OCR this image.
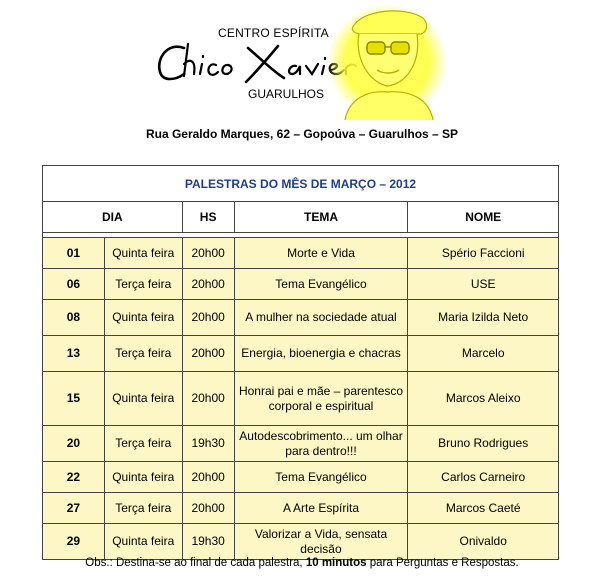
CENTRO ESPÍRITA
GUARULHOS
Rua Geraldo Marques, 62 – Gopoúva – Guarulhos – SP
PALESTRAS DO MÊS DE MARÇO – 2012				
DIA		HS	TEMA	NOME

01	Quinta feira	20h00	Morte e Vida	Spério Faccioni
06	Terça feira	20h00	Tema Evangélico	USE
08	Quinta feira	20h00	A mulher na sociedade atual	Maria Izilda Neto
13	Terça feira	20h00	Energia, bioenergia e chacras	Marcelo
15	Quinta feira	20h00	Honrai pai e mãe – parentesco corporal e espiritual	Marcos Aleixo
20	Terça feira	19h30	Autodescobrimento... um olhar para dentro!!!	Bruno Rodrigues
22	Quinta feira	20h00	Tema Evangélico	Carlos Carneiro
27	Terça feira	20h00	A Arte Espírita	Marcos Caeté
29	Quinta feira	19h30	Valorizar a Vida, sensata decisão	Onivaldo
Obs.: Destina-se ao final de cada palestra, 10 minutos para Perguntas e Respostas.
